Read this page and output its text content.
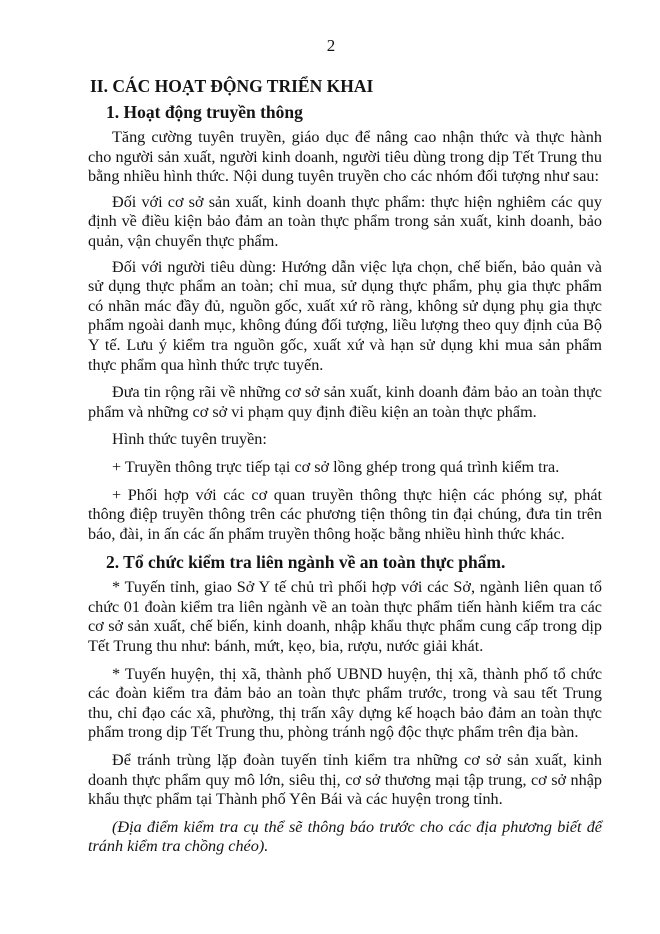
2
II. CÁC HOẠT ĐỘNG TRIỂN KHAI
1. Hoạt động truyền thông

Tăng cường tuyên truyền, giáo dục để nâng cao nhận thức và thực hành cho người sản xuất, người kinh doanh, người tiêu dùng trong dịp Tết Trung thu bằng nhiều hình thức. Nội dung tuyên truyền cho các nhóm đối tượng như sau:

Đối với cơ sở sản xuất, kinh doanh thực phẩm: thực hiện nghiêm các quy định về điều kiện bảo đảm an toàn thực phẩm trong sản xuất, kinh doanh, bảo quản, vận chuyển thực phẩm.

Đối với người tiêu dùng: Hướng dẫn việc lựa chọn, chế biến, bảo quản và sử dụng thực phẩm an toàn; chỉ mua, sử dụng thực phẩm, phụ gia thực phẩm có nhãn mác đầy đủ, nguồn gốc, xuất xứ rõ ràng, không sử dụng phụ gia thực phẩm ngoài danh mục, không đúng đối tượng, liều lượng theo quy định của Bộ Y tế. Lưu ý kiểm tra nguồn gốc, xuất xứ và hạn sử dụng khi mua sản phẩm thực phẩm qua hình thức trực tuyến.

Đưa tin rộng rãi về những cơ sở sản xuất, kinh doanh đảm bảo an toàn thực phẩm và những cơ sở vi phạm quy định điều kiện an toàn thực phẩm.

Hình thức tuyên truyền:

+ Truyền thông trực tiếp tại cơ sở lồng ghép trong quá trình kiểm tra.

+ Phối hợp với các cơ quan truyền thông thực hiện các phóng sự, phát thông điệp truyền thông trên các phương tiện thông tin đại chúng, đưa tin trên báo, đài, in ấn các ấn phẩm truyền thông hoặc bằng nhiều hình thức khác.

2. Tổ chức kiểm tra liên ngành về an toàn thực phẩm.

* Tuyến tỉnh, giao Sở Y tế chủ trì phối hợp với các Sở, ngành liên quan tổ chức 01 đoàn kiểm tra liên ngành về an toàn thực phẩm tiến hành kiểm tra các cơ sở sản xuất, chế biến, kinh doanh, nhập khẩu thực phẩm cung cấp trong dịp Tết Trung thu như: bánh, mứt, kẹo, bia, rượu, nước giải khát.

* Tuyến huyện, thị xã, thành phố UBND huyện, thị xã, thành phố tổ chức các đoàn kiểm tra đảm bảo an toàn thực phẩm trước, trong và sau tết Trung thu, chỉ đạo các xã, phường, thị trấn xây dựng kế hoạch bảo đảm an toàn thực phẩm trong dịp Tết Trung thu, phòng tránh ngộ độc thực phẩm trên địa bàn.

Để tránh trùng lặp đoàn tuyến tỉnh kiểm tra những cơ sở sản xuất, kinh doanh thực phẩm quy mô lớn, siêu thị, cơ sở thương mại tập trung, cơ sở nhập khẩu thực phẩm tại Thành phố Yên Bái và các huyện trong tỉnh.

(Địa điểm kiểm tra cụ thể sẽ thông báo trước cho các địa phương biết để tránh kiểm tra chồng chéo).
